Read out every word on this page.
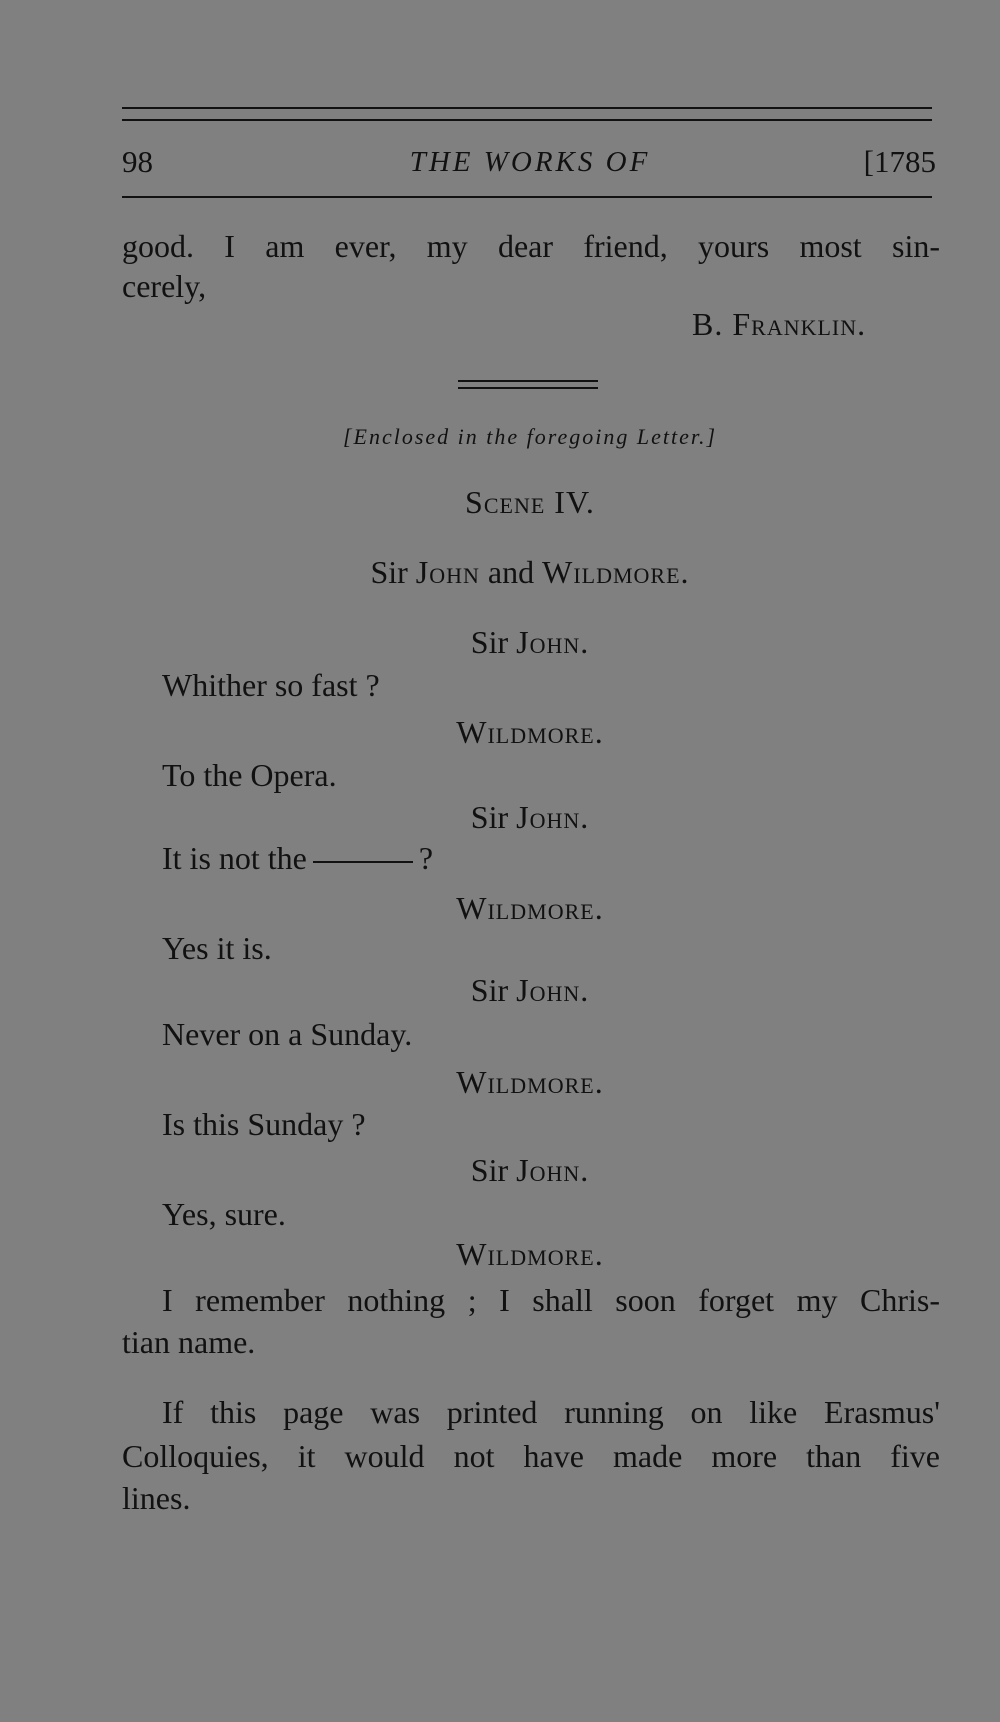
98	THE WORKS OF	[1785
good. I am ever, my dear friend, yours most sin-
cerely,
B. Franklin.
[Enclosed in the foregoing Letter.]
Scene IV.
Sir John and Wildmore.
Sir John.
Whither so fast ?
Wildmore.
To the Opera.
Sir John.
It is not the	?
Wildmore.
Yes it is.
Sir John.
Never on a Sunday.
Wildmore.
Is this Sunday ?
Sir John.
Yes, sure.
Wildmore.
I remember nothing ; I shall soon forget my Chris-
tian name.
If this page was printed running on like Erasmus'
Colloquies, it would not have made more than five
lines.
